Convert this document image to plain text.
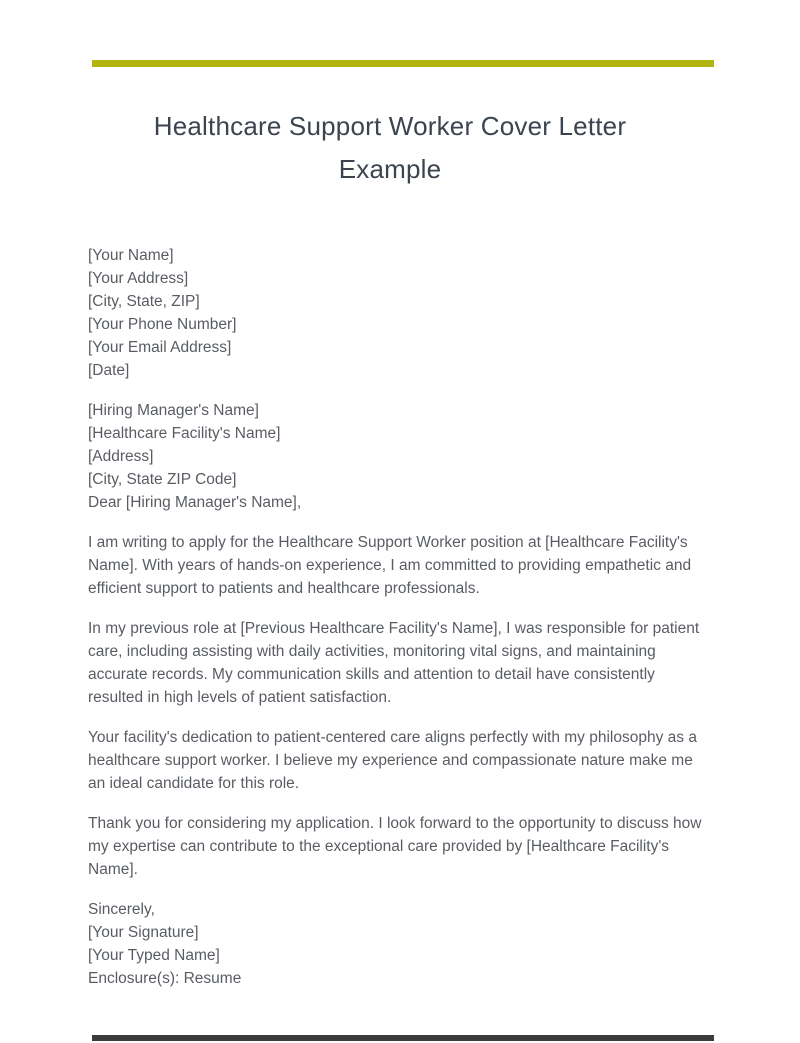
Healthcare Support Worker Cover Letter Example
[Your Name]
[Your Address]
[City, State, ZIP]
[Your Phone Number]
[Your Email Address]
[Date]
[Hiring Manager's Name]
[Healthcare Facility's Name]
[Address]
[City, State ZIP Code]
Dear [Hiring Manager's Name],
I am writing to apply for the Healthcare Support Worker position at [Healthcare Facility's Name]. With years of hands-on experience, I am committed to providing empathetic and efficient support to patients and healthcare professionals.
In my previous role at [Previous Healthcare Facility's Name], I was responsible for patient care, including assisting with daily activities, monitoring vital signs, and maintaining accurate records. My communication skills and attention to detail have consistently resulted in high levels of patient satisfaction.
Your facility's dedication to patient-centered care aligns perfectly with my philosophy as a healthcare support worker. I believe my experience and compassionate nature make me an ideal candidate for this role.
Thank you for considering my application. I look forward to the opportunity to discuss how my expertise can contribute to the exceptional care provided by [Healthcare Facility's Name].
Sincerely,
[Your Signature]
[Your Typed Name]
Enclosure(s): Resume
